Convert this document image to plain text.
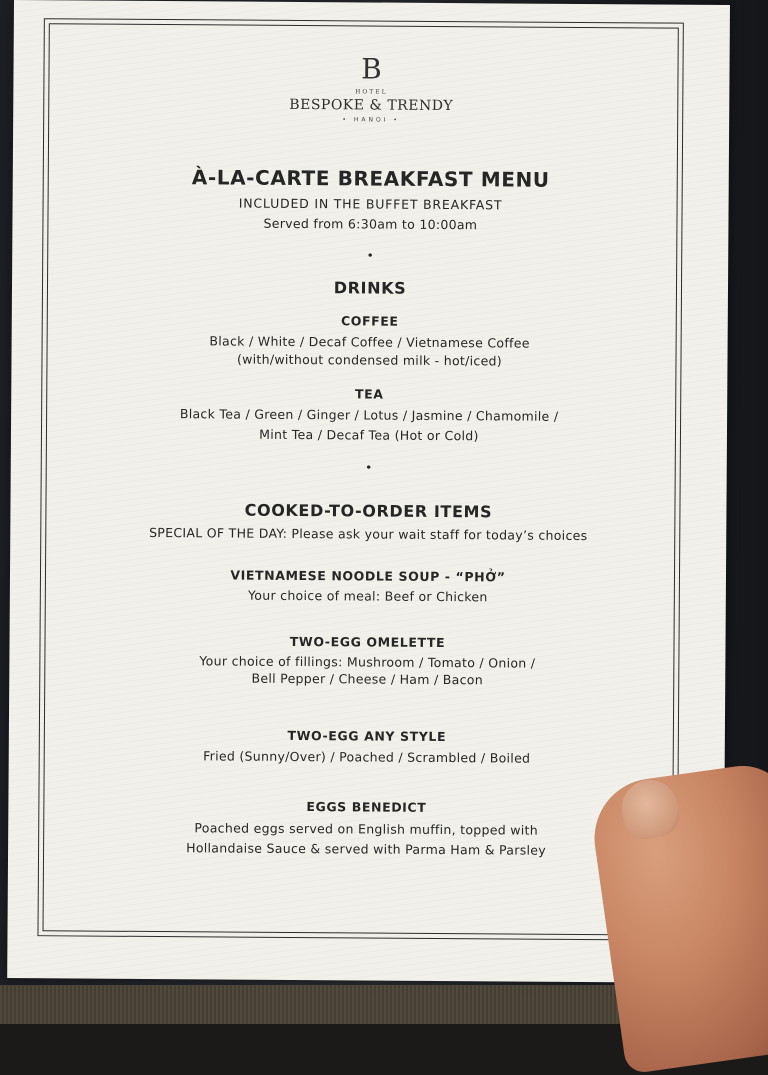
B
HOTEL
BESPOKE & TRENDY
• HANOI •
À-LA-CARTE BREAKFAST MENU
INCLUDED IN THE BUFFET BREAKFAST
Served from 6:30am to 10:00am
•
DRINKS
COFFEE
Black / White / Decaf Coffee / Vietnamese Coffee
(with/without condensed milk - hot/iced)
TEA
Black Tea / Green / Ginger / Lotus / Jasmine / Chamomile /
Mint Tea / Decaf Tea (Hot or Cold)
•
COOKED-TO-ORDER ITEMS
SPECIAL OF THE DAY: Please ask your wait staff for today’s choices
VIETNAMESE NOODLE SOUP - “PHỞ”
Your choice of meal: Beef or Chicken
TWO-EGG OMELETTE
Your choice of fillings: Mushroom / Tomato / Onion /
Bell Pepper / Cheese / Ham / Bacon
TWO-EGG ANY STYLE
Fried (Sunny/Over) / Poached / Scrambled / Boiled
EGGS BENEDICT
Poached eggs served on English muffin, topped with
Hollandaise Sauce & served with Parma Ham & Parsley
